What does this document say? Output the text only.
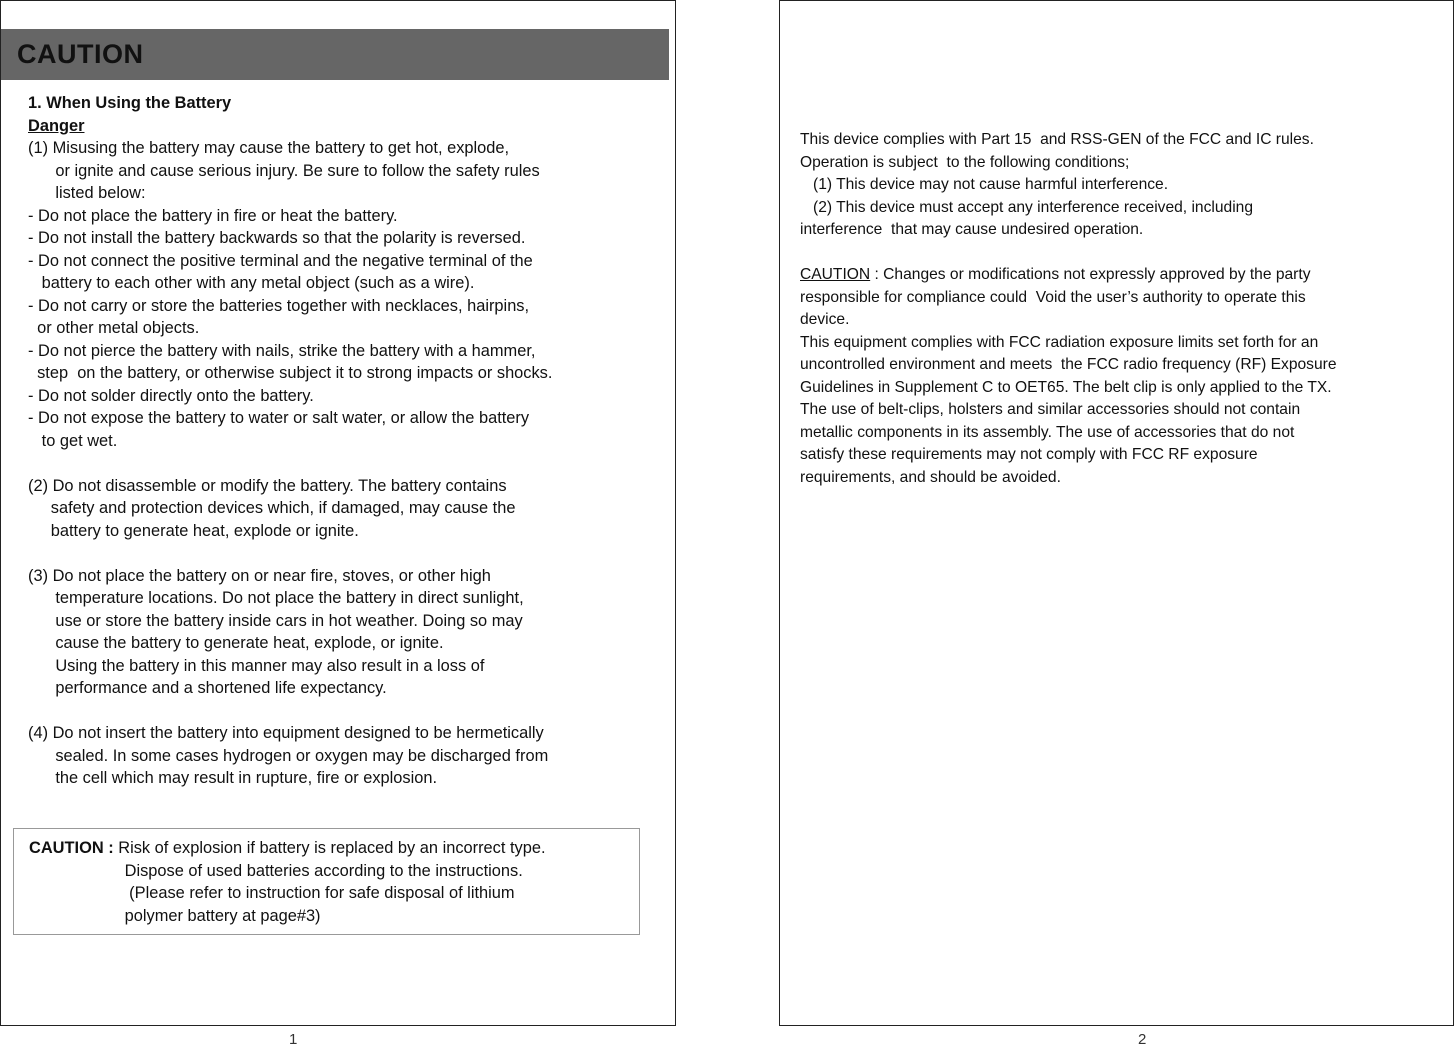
CAUTION
1. When Using the Battery
Danger
(1) Misusing the battery may cause the battery to get hot, explode,
or ignite and cause serious injury. Be sure to follow the safety rules
listed below:
- Do not place the battery in fire or heat the battery.
- Do not install the battery backwards so that the polarity is reversed.
- Do not connect the positive terminal and the negative terminal of the
battery to each other with any metal object (such as a wire).
- Do not carry or store the batteries together with necklaces, hairpins,
or other metal objects.
- Do not pierce the battery with nails, strike the battery with a hammer,
step  on the battery, or otherwise subject it to strong impacts or shocks.
- Do not solder directly onto the battery.
- Do not expose the battery to water or salt water, or allow the battery
to get wet.
(2) Do not disassemble or modify the battery. The battery contains
safety and protection devices which, if damaged, may cause the
battery to generate heat, explode or ignite.
(3) Do not place the battery on or near fire, stoves, or other high
temperature locations. Do not place the battery in direct sunlight,
use or store the battery inside cars in hot weather. Doing so may
cause the battery to generate heat, explode, or ignite.
Using the battery in this manner may also result in a loss of
performance and a shortened life expectancy.
(4) Do not insert the battery into equipment designed to be hermetically
sealed. In some cases hydrogen or oxygen may be discharged from
the cell which may result in rupture, fire or explosion.
CAUTION : Risk of explosion if battery is replaced by an incorrect type.
Dispose of used batteries according to the instructions.
(Please refer to instruction for safe disposal of lithium
polymer battery at page#3)
1
This device complies with Part 15  and RSS-GEN of the FCC and IC rules.
Operation is subject  to the following conditions;
(1) This device may not cause harmful interference.
(2) This device must accept any interference received, including
interference  that may cause undesired operation.
CAUTION : Changes or modifications not expressly approved by the party
responsible for compliance could  Void the user’s authority to operate this
device.
This equipment complies with FCC radiation exposure limits set forth for an
uncontrolled environment and meets  the FCC radio frequency (RF) Exposure
Guidelines in Supplement C to OET65. The belt clip is only applied to the TX.
The use of belt-clips, holsters and similar accessories should not contain
metallic components in its assembly. The use of accessories that do not
satisfy these requirements may not comply with FCC RF exposure
requirements, and should be avoided.
2
